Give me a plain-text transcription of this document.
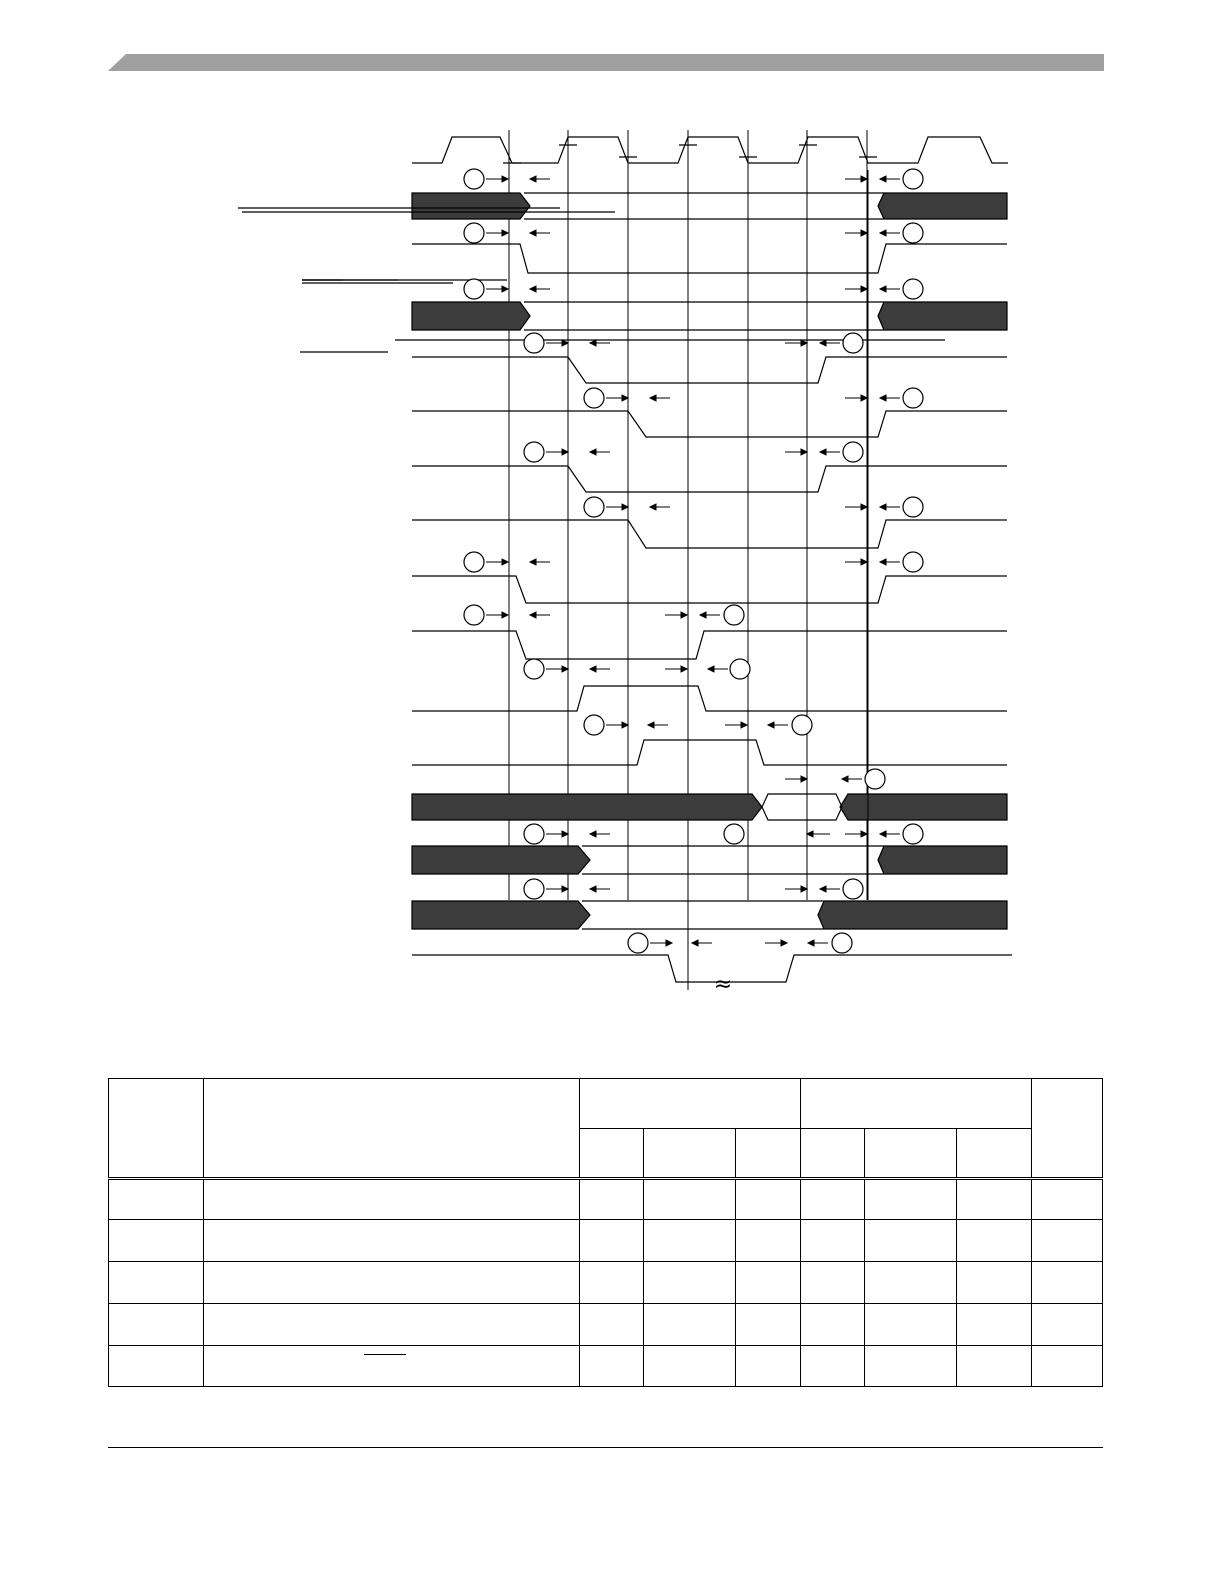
≈
